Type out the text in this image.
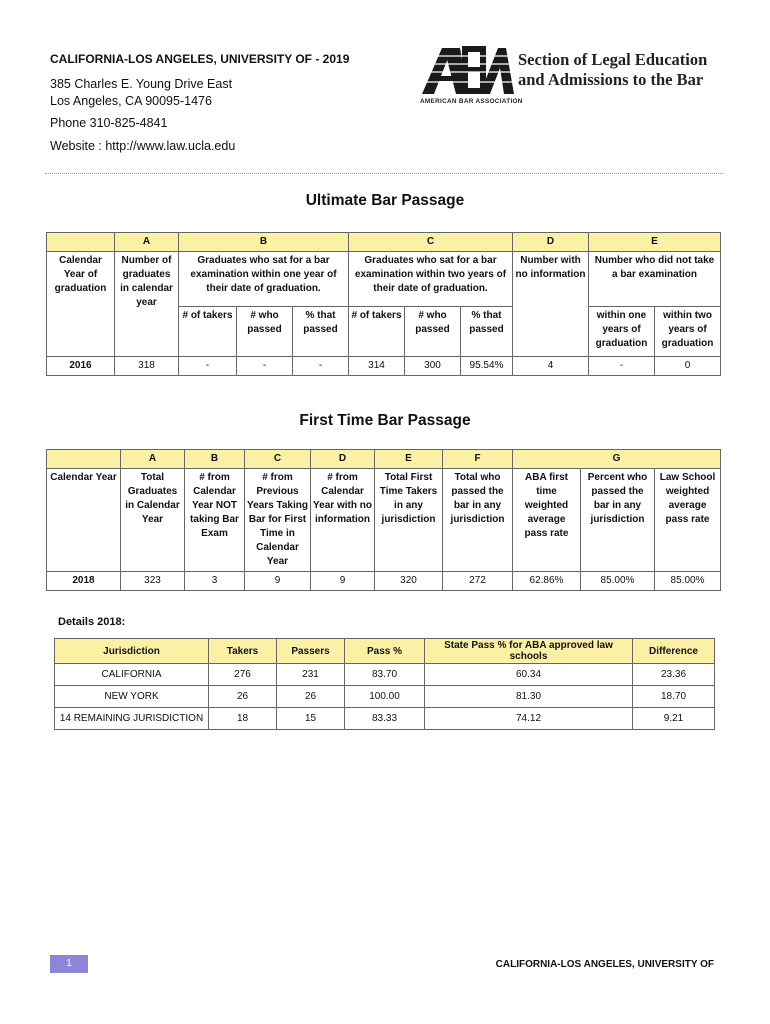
CALIFORNIA-LOS ANGELES, UNIVERSITY OF - 2019
385 Charles E. Young Drive East
Los Angeles, CA 90095-1476
Phone 310-825-4841
Website : http://www.law.ucla.edu
Section of Legal Education
and Admissions to the Bar
AMERICAN BAR ASSOCIATION
Ultimate Bar Passage
	A	B			C			D	E	
Calendar Year of graduation	Number of graduates in calendar year	Graduates who sat for a bar examination within one year of their date of graduation.			Graduates who sat for a bar examination within two years of their date of graduation.			Number with no information	Number who did not take a bar examination	
		# of takers	# who passed	% that passed	# of takers	# who passed	% that passed		within one years of graduation	within two years of graduation
2016	318	-	-	-	314	300	95.54%	4	-	0
First Time Bar Passage
	A	B	C	D	E	F	G		
Calendar Year	Total Graduates in Calendar Year	# from Calendar Year NOT taking Bar Exam	# from Previous Years Taking Bar for First Time in Calendar Year	# from Calendar Year with no information	Total First Time Takers in any jurisdiction	Total who passed the bar in any jurisdiction	ABA first time weighted average pass rate	Percent who passed the bar in any jurisdiction	Law School weighted average pass rate
2018	323	3	9	9	320	272	62.86%	85.00%	85.00%
Details 2018:
Jurisdiction	Takers	Passers	Pass %	State Pass % for ABA approved law schools	Difference
CALIFORNIA	276	231	83.70	60.34	23.36
NEW YORK	26	26	100.00	81.30	18.70
14 REMAINING JURISDICTION	18	15	83.33	74.12	9.21
1	CALIFORNIA-LOS ANGELES, UNIVERSITY OF
